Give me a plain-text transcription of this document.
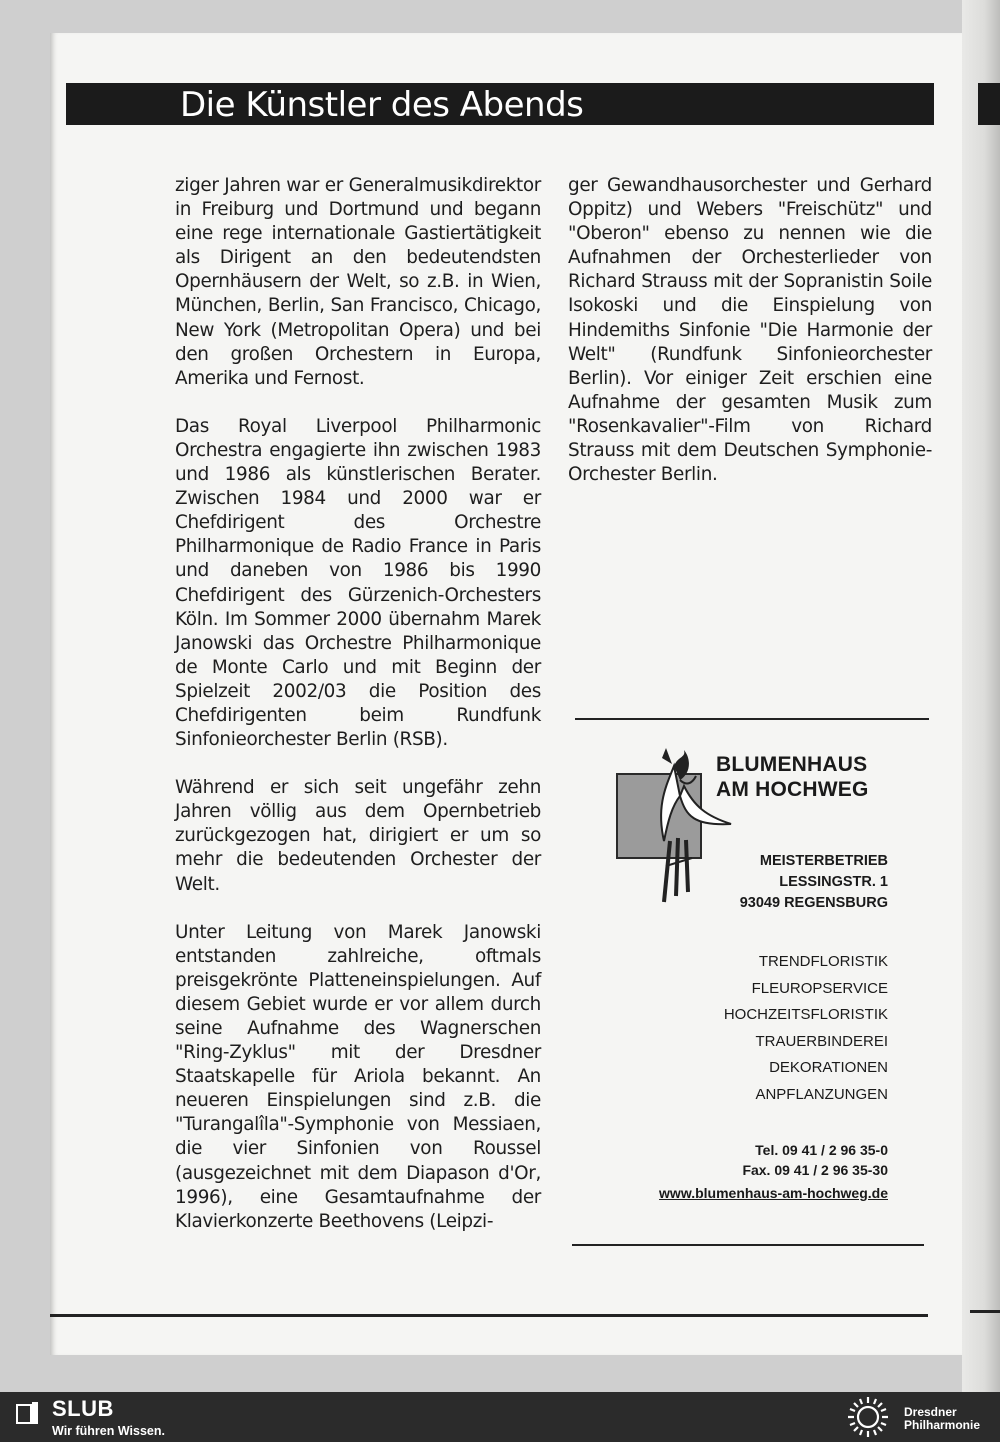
Die Künstler des Abends

ziger Jahren war er Generalmusikdirektor in Freiburg und Dortmund und begann eine rege internationale Gastiertätigkeit als Dirigent an den bedeutendsten Opernhäusern der Welt, so z.B. in Wien, München, Berlin, San Francisco, Chicago, New York (Metropolitan Opera) und bei den großen Orchestern in Europa, Amerika und Fernost.

Das Royal Liverpool Philharmonic Orchestra engagierte ihn zwischen 1983 und 1986 als künstlerischen Berater. Zwischen 1984 und 2000 war er Chefdirigent des Orchestre Philharmonique de Radio France in Paris und daneben von 1986 bis 1990 Chefdirigent des Gürzenich-Orchesters Köln. Im Sommer 2000 übernahm Marek Janowski das Orchestre Philharmonique de Monte Carlo und mit Beginn der Spielzeit 2002/03 die Position des Chefdirigenten beim Rundfunk Sinfonieorchester Berlin (RSB).

Während er sich seit ungefähr zehn Jahren völlig aus dem Opernbetrieb zurückgezogen hat, dirigiert er um so mehr die bedeutenden Orchester der Welt.

Unter Leitung von Marek Janowski entstanden zahlreiche, oftmals preisgekrönte Platteneinspielungen. Auf diesem Gebiet wurde er vor allem durch seine Aufnahme des Wagnerschen "Ring-Zyklus" mit der Dresdner Staatskapelle für Ariola bekannt. An neueren Einspielungen sind z.B. die "Turangalîla"-Symphonie von Messiaen, die vier Sinfonien von Roussel (ausgezeichnet mit dem Diapason d'Or, 1996), eine Gesamtaufnahme der Klavierkonzerte Beethovens (Leipzi-

ger Gewandhausorchester und Gerhard Oppitz) und Webers "Freischütz" und "Oberon" ebenso zu nennen wie die Aufnahmen der Orchesterlieder von Richard Strauss mit der Sopranistin Soile Isokoski und die Einspielung von Hindemiths Sinfonie "Die Harmonie der Welt" (Rundfunk Sinfonieorchester Berlin). Vor einiger Zeit erschien eine Aufnahme der gesamten Musik zum "Rosenkavalier"-Film von Richard Strauss mit dem Deutschen Symphonie-Orchester Berlin.

BLUMENHAUS
AM HOCHWEG
MEISTERBETRIEB
LESSINGSTR. 1
93049 REGENSBURG
TRENDFLORISTIK
FLEUROPSERVICE
HOCHZEITSFLORISTIK
TRAUERBINDEREI
DEKORATIONEN
ANPFLANZUNGEN
Tel. 09 41 / 2 96 35-0
Fax. 09 41 / 2 96 35-30
www.blumenhaus-am-hochweg.de
SLUB
Wir führen Wissen.
Dresdner
Philharmonie
